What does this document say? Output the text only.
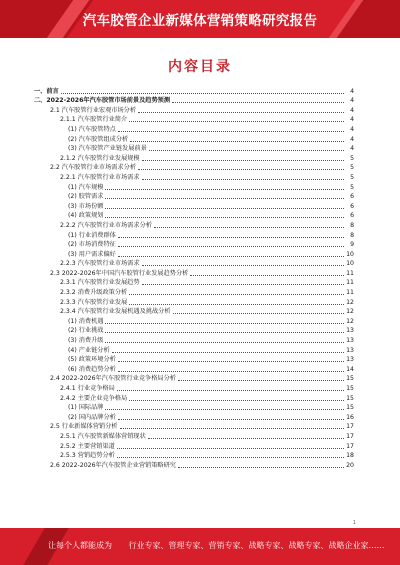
汽车胶管企业新媒体营销策略研究报告
内容目录
一、前言	4
二、2022-2026年汽车胶管市场前景及趋势预测	4
2.1 汽车胶管行业宏观市场分析	4
2.1.1 汽车胶管行业简介	4
(1) 汽车胶管特点	4
(2) 汽车胶管组成分析	4
(3) 汽车胶管产业链发展前景	4
2.1.2 汽车胶管行业发展规模	5
2.2 汽车胶管行业市场需求分析	5
2.2.1 汽车胶管行业市场需求	5
(1) 汽车规模	5
(2) 胶管需求	6
(3) 市场份额	6
(4) 政策规划	6
2.2.2 汽车胶管行业市场需求分析	8
(1) 行业消费群体	8
(2) 市场消费特征	9
(3) 用户需求偏好	10
2.2.3 汽车胶管行业市场需求	10
2.3 2022-2026年中国汽车胶管行业发展趋势分析	11
2.3.1 汽车胶管行业发展趋势	11
2.3.2 消费升级政策分析	11
2.3.3 汽车胶管行业发展	12
2.3.4 汽车胶管行业发展机遇及挑战分析	12
(1) 消费机遇	12
(2) 行业挑战	13
(3) 消费升级	13
(4) 产业链分析	13
(5) 政策环境分析	13
(6) 消费趋势分析	14
2.4 2022-2026年汽车胶管行业竞争格局分析	15
2.4.1 行业竞争格局	15
2.4.2 主要企业竞争格局	15
(1) 国际品牌	15
(2) 国内品牌分析	16
2.5 行业新媒体营销分析	17
2.5.1 汽车胶管新媒体营销现状	17
2.5.2 主要营销渠道	17
2.5.3 营销趋势分析	18
2.6 2022-2026年汽车胶管企业营销策略研究	20
1
让每个人都能成为 行业专家、管理专家、营销专家、战略专家、战略专家、战略企业家……
